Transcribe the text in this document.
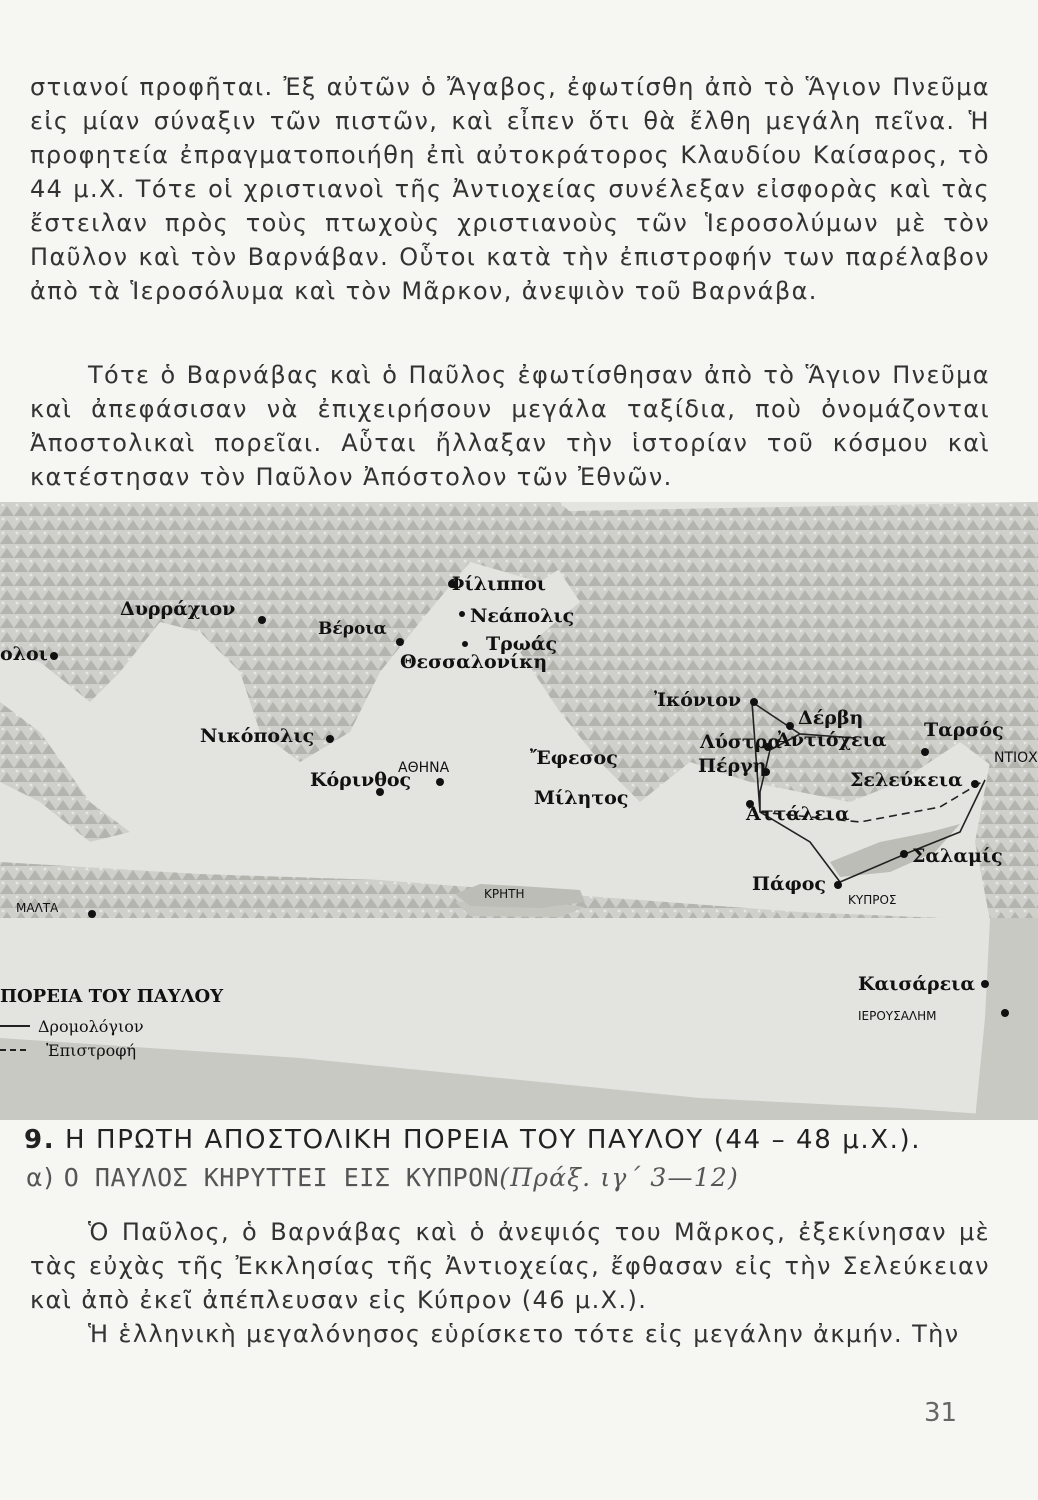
στιανοί προφῆται. Ἐξ αὐτῶν ὁ Ἄγαβος, ἐφωτίσθη ἀπὸ τὸ Ἅγιον Πνεῦμα εἰς μίαν σύναξιν τῶν πιστῶν, καὶ εἶπεν ὅτι θὰ ἔλθη μεγάλη πεῖνα. Ἡ προφητεία ἐπραγματοποιήθη ἐπὶ αὐτοκράτορος Κλαυδίου Καίσαρος, τὸ 44 μ.Χ. Τότε οἱ χριστιανοὶ τῆς Ἀντιοχείας συνέλεξαν εἰσφορὰς καὶ τὰς ἔστειλαν πρὸς τοὺς πτωχοὺς χριστιανοὺς τῶν Ἱεροσολύμων μὲ τὸν Παῦλον καὶ τὸν Βαρνάβαν. Οὗτοι κατὰ τὴν ἐπιστροφήν των παρέλαβον ἀπὸ τὰ Ἱεροσόλυμα καὶ τὸν Μᾶρκον, ἀνεψιὸν τοῦ Βαρνάβα.

Τότε ὁ Βαρνάβας καὶ ὁ Παῦλος ἐφωτίσθησαν ἀπὸ τὸ Ἅγιον Πνεῦμα καὶ ἀπεφάσισαν νὰ ἐπιχειρήσουν μεγάλα ταξίδια, ποὺ ὀνομάζονται Ἀποστολικαὶ πορεῖαι. Αὗται ἤλλαξαν τὴν ἱστορίαν τοῦ κόσμου καὶ κατέστησαν τὸν Παῦλον Ἀπόστολον τῶν Ἐθνῶν.

Δυρράχιον
ολοι
Φίλιπποι
Νεάπολις
Βέροια
Τρωάς
Θεσσαλονίκη
Νικόπολις
ΑΘΗΝΑ
Κόρινθος
Ἔφεσος
Μίλητος
Ἰκόνιον
Δέρβη
Λύστρα
Ἀντιόχεια Ταρσός
ΝΤΙΟΧ
Πέργη
Σελεύκεια
Ἀττάλεια
Σαλαμίς
Πάφος
ΚΥΠΡΟΣ
ΚΡΗΤΗ
ΜΑΛΤΑ
Καισάρεια
ΙΕΡΟΥΣΑΛΗΜ
ΠΟΡΕΙΑ ΤΟΥ ΠΑΥΛΟΥ
Δρομολόγιον
Ἐπιστροφή
9. Η ΠΡΩΤΗ ΑΠΟΣΤΟΛΙΚΗ ΠΟΡΕΙΑ ΤΟΥ ΠΑΥΛΟΥ (44 – 48 μ.Χ.).
α) Ο ΠΑΥΛΟΣ ΚΗΡΥΤΤΕΙ ΕΙΣ ΚΥΠΡΟΝ(Πράξ. ιγ΄ 3—12)

Ὁ Παῦλος, ὁ Βαρνάβας καὶ ὁ ἀνεψιός του Μᾶρκος, ἐξεκίνησαν μὲ τὰς εὐχὰς τῆς Ἐκκλησίας τῆς Ἀντιοχείας, ἔφθασαν εἰς τὴν Σελεύκειαν καὶ ἀπὸ ἐκεῖ ἀπέπλευσαν εἰς Κύπρον (46 μ.Χ.).

Ἡ ἑλληνικὴ μεγαλόνησος εὑρίσκετο τότε εἰς μεγάλην ἀκμήν. Τὴν

31
